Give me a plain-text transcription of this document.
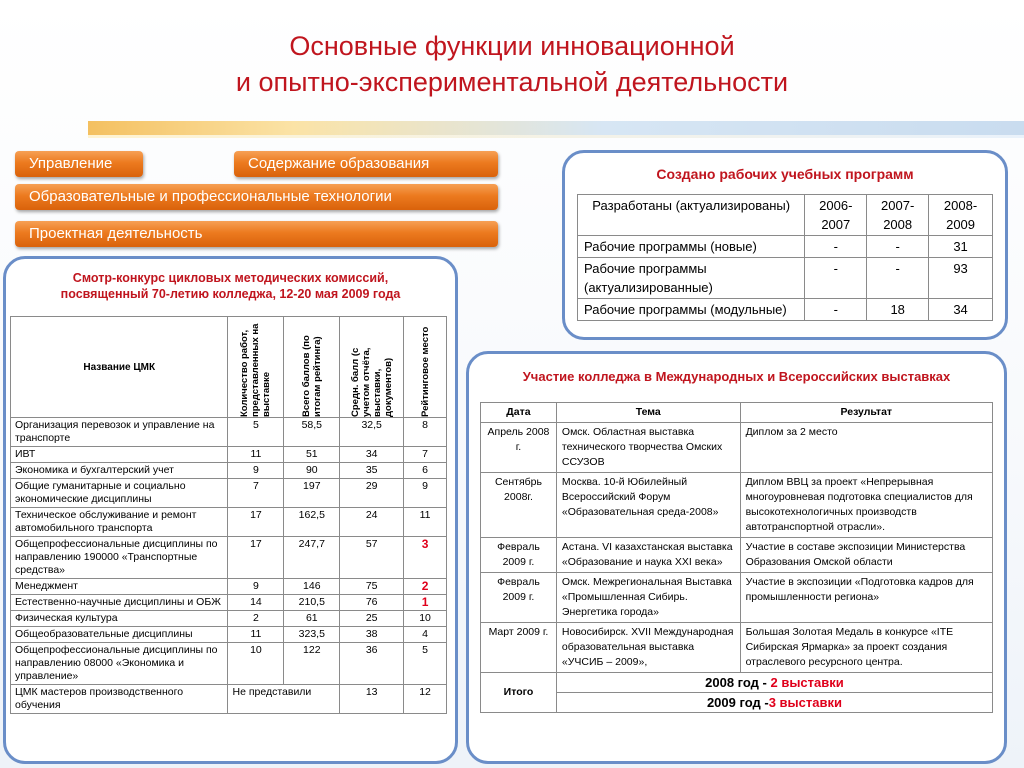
Основные функции инновационной
и опытно-экспериментальной деятельности
Управление	Содержание образования
Образовательные и профессиональные технологии
Проектная деятельность
Смотр-конкурс цикловых методических комиссий,
посвященный 70-летию колледжа, 12-20 мая 2009 года
Название ЦМК	Количество работ, представленных на выставке	Всего баллов (по итогам рейтинга)	Средн. балл (с учетом отчёта, выставки, документов)	Рейтинговое место

Организация перевозок и управление на транспорте	5	58,5	32,5	8
ИВТ	11	51	34	7
Экономика и бухгалтерский учет	9	90	35	6
Общие гуманитарные и социально экономические дисциплины	7	197	29	9
Техническое обслуживание и ремонт автомобильного транспорта	17	162,5	24	11
Общепрофессиональные дисциплины по направлению 190000 «Транспортные средства»	17	247,7	57	3
Менеджмент	9	146	75	2
Естественно-научные дисциплины и ОБЖ	14	210,5	76	1
Физическая культура	2	61	25	10
Общеобразовательные дисциплины	11	323,5	38	4
Общепрофессиональные дисциплины по направлению 08000 «Экономика и управление»	10	122	36	5
ЦМК мастеров производственного обучения	Не представили		13	12
Создано рабочих учебных программ
Разработаны (актуализированы)	2006-2007	2007-2008	2008-2009
Рабочие программы (новые)	-	-	31
Рабочие программы (актуализированные)	-	-	93
Рабочие программы (модульные)	-	18	34
Участие колледжа в Международных и Всероссийских выставках
Дата	Тема	Результат
Апрель 2008 г.	Омск. Областная выставка технического творчества Омских ССУЗОВ	Диплом за 2 место
Сентябрь 2008г.	Москва. 10-й Юбилейный Всероссийский Форум «Образовательная среда-2008»	Диплом ВВЦ за проект «Непрерывная многоуровневая подготовка специалистов для высокотехнологичных производств автотранспортной отрасли».
Февраль 2009 г.	Астана. VI казахстанская выставка «Образование и наука XXI века»	Участие в составе экспозиции Министерства Образования Омской области
Февраль 2009 г.	Омск. Межрегиональная Выставка «Промышленная Сибирь. Энергетика города»	Участие в экспозиции «Подготовка кадров для промышленности региона»
Март 2009 г.	Новосибирск. XVII Международная образовательная выставка «УЧСИБ – 2009»,	Большая Золотая Медаль в конкурсе «ITE Сибирская Ярмарка» за проект создания отраслевого ресурсного центра.
Итого	2008 год - 2 выставки	
	2009 год -3 выставки	
